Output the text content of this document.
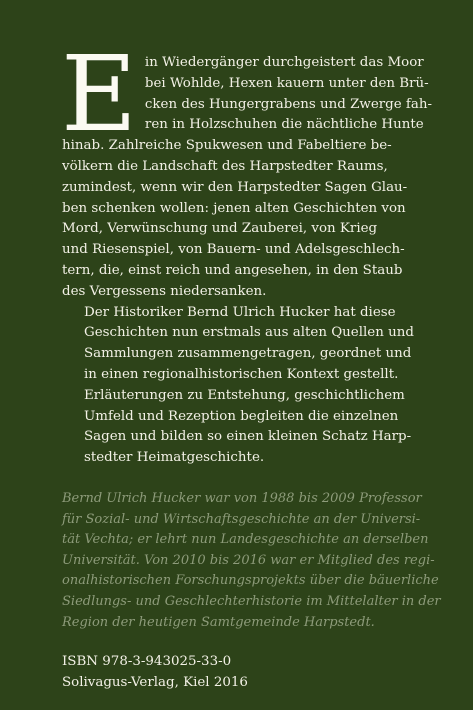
E in Wiedergänger durchgeistert das Moor
bei Wohlde, Hexen kauern unter den Brü-
cken des Hungergrabens und Zwerge fah-
ren in Holzschuhen die nächtliche Hunte
hinab. Zahlreiche Spukwesen und Fabeltiere be-
völkern die Landschaft des Harpstedter Raums,
zumindest, wenn wir den Harpstedter Sagen Glau-
ben schenken wollen: jenen alten Geschichten von
Mord, Verwünschung und Zauberei, von Krieg
und Riesenspiel, von Bauern- und Adelsgeschlech-
tern, die, einst reich und angesehen, in den Staub
des Vergessens niedersanken.
Der Historiker Bernd Ulrich Hucker hat diese
Geschichten nun erstmals aus alten Quellen und
Sammlungen zusammengetragen, geordnet und
in einen regionalhistorischen Kontext gestellt.
Erläuterungen zu Entstehung, geschichtlichem
Umfeld und Rezeption begleiten die einzelnen
Sagen und bilden so einen kleinen Schatz Harp-
stedter Heimatgeschichte.
Bernd Ulrich Hucker war von 1988 bis 2009 Professor
für Sozial- und Wirtschaftsgeschichte an der Universi-
tät Vechta; er lehrt nun Landesgeschichte an derselben
Universität. Von 2010 bis 2016 war er Mitglied des regi-
onalhistorischen Forschungsprojekts über die bäuerliche
Siedlungs- und Geschlechterhistorie im Mittelalter in der
Region der heutigen Samtgemeinde Harpstedt.
ISBN 978-3-943025-33-0
Solivagus-Verlag, Kiel 2016
